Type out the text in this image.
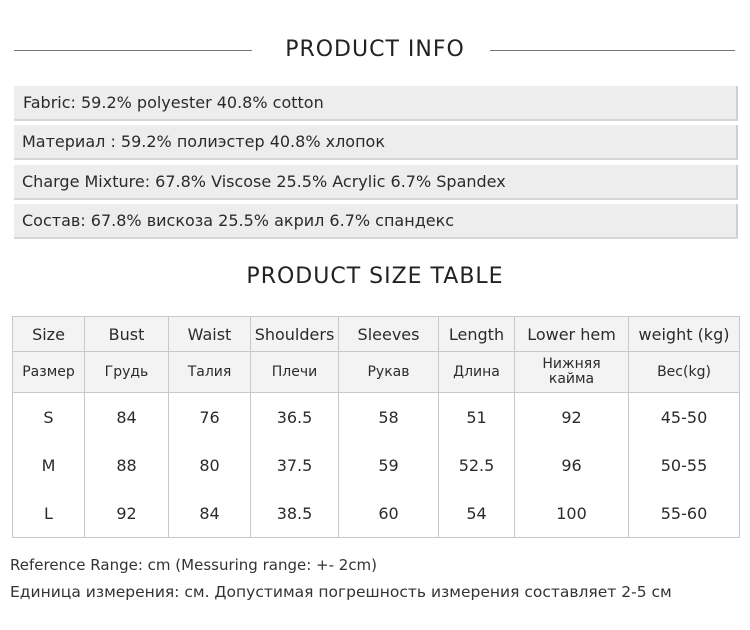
PRODUCT INFO
Fabric: 59.2% polyester 40.8% cotton
Материал : 59.2% полиэстер 40.8% хлопок
Charge Mixture: 67.8% Viscose 25.5% Acrylic 6.7% Spandex
Состав: 67.8% вискоза 25.5% акрил 6.7% спандекс
PRODUCT SIZE TABLE
Size	Bust	Waist	Shoulders	Sleeves	Length	Lower hem	weight (kg)
Размер	Грудь	Талия	Плечи	Рукав	Длина	Нижняя кайма	Вес(kg)
S	84	76	36.5	58	51	92	45-50
M	88	80	37.5	59	52.5	96	50-55
L	92	84	38.5	60	54	100	55-60
Reference Range: cm (Messuring range: +- 2cm)
Единица измерения: см. Допустимая погрешность измерения составляет 2-5 см
